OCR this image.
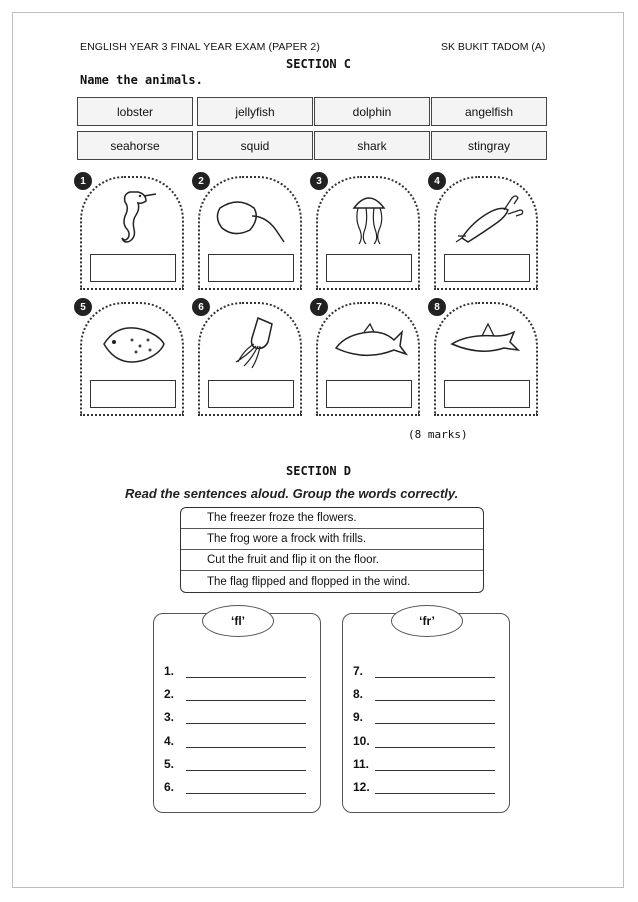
ENGLISH YEAR 3 FINAL YEAR EXAM (PAPER 2)	SK BUKIT TADOM (A)
SECTION C
Name the animals.
lobster	jellyfish	dolphin	angelfish
seahorse	squid	shark	stingray
1	2	3	4
5	6	7	8
(8 marks)
SECTION D
Read the sentences aloud. Group the words correctly.
The freezer froze the flowers.
The frog wore a frock with frills.
Cut the fruit and flip it on the floor.
The flag flipped and flopped in the wind.
‘fl’
1.
2.
3.
4.
5.
6.
‘fr’
7.
8.
9.
10.
11.
12.
